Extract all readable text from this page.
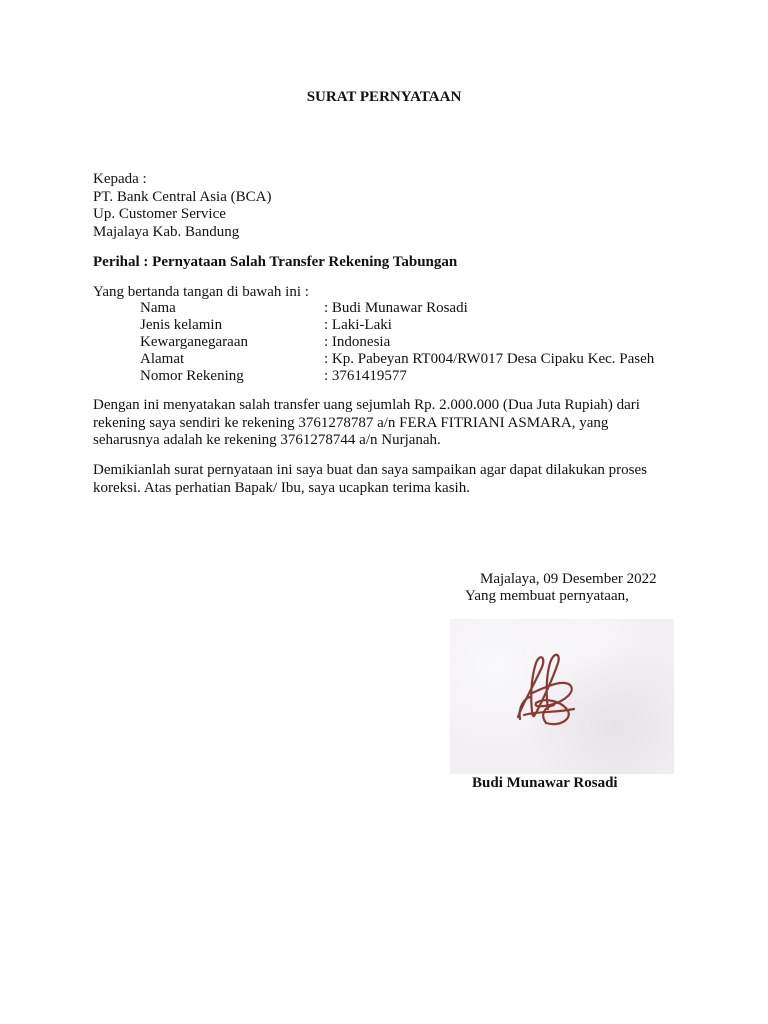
SURAT PERNYATAAN
Kepada :
PT. Bank Central Asia (BCA)
Up. Customer Service
Majalaya Kab. Bandung
Perihal : Pernyataan Salah Transfer Rekening Tabungan
Yang bertanda tangan di bawah ini :
Nama	: Budi Munawar Rosadi
Jenis kelamin	: Laki-Laki
Kewarganegaraan	: Indonesia
Alamat	: Kp. Pabeyan RT004/RW017 Desa Cipaku Kec. Paseh
Nomor Rekening	: 3761419577
Dengan ini menyatakan salah transfer uang sejumlah Rp. 2.000.000 (Dua Juta Rupiah) dari
rekening saya sendiri ke rekening 3761278787 a/n FERA FITRIANI ASMARA, yang
seharusnya adalah ke rekening 3761278744 a/n Nurjanah.
Demikianlah surat pernyataan ini saya buat dan saya sampaikan agar dapat dilakukan proses
koreksi. Atas perhatian Bapak/ Ibu, saya ucapkan terima kasih.
Majalaya, 09 Desember 2022
Yang membuat pernyataan,
Budi Munawar Rosadi
